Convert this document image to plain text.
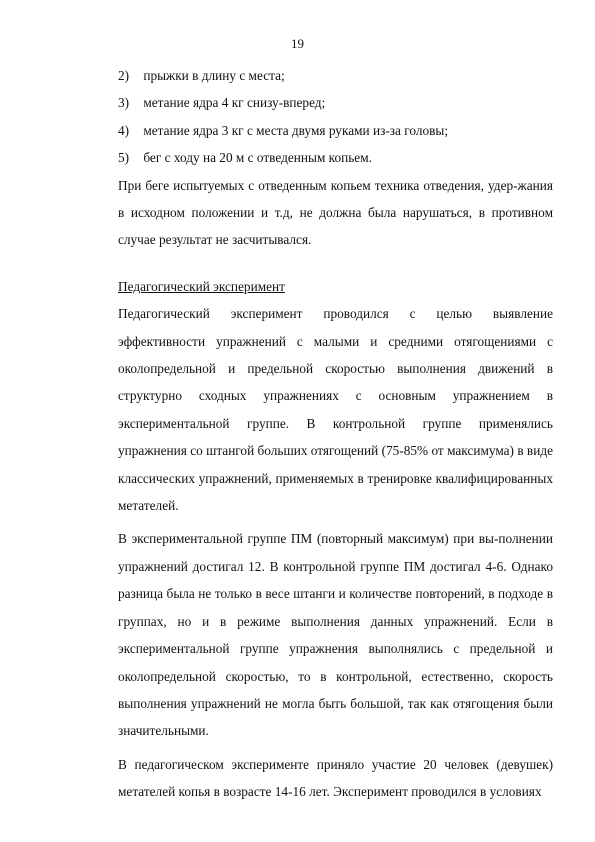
19
2) прыжки в длину с места;
3) метание ядра 4 кг снизу-вперед;
4) метание ядра 3 кг с места двумя руками из-за головы;
5) бег с ходу на 20 м с отведенным копьем.

При беге испытуемых с отведенным копьем техника отведения, удер-жания в исходном положении и т.д, не должна была нарушаться, в противном случае результат не засчитывался.

Педагогический эксперимент

Педагогический эксперимент проводился с целью выявление эффективности упражнений с малыми и средними отягощениями с околопредельной и предельной скоростью выполнения движений в структурно сходных упражнениях с основным упражнением в экспериментальной группе. В контрольной группе применялись упражнения со штангой больших отягощений (75-85% от максимума) в виде классических упражнений, применяемых в тренировке квалифицированных метателей.

В экспериментальной группе ПМ (повторный максимум) при вы-полнении упражнений достигал 12. В контрольной группе ПМ достигал 4-6. Однако разница была не только в весе штанги и количестве повторений, в подходе в группах, но и в режиме выполнения данных упражнений. Если в экспериментальной группе упражнения выполнялись с предельной и околопредельной скоростью, то в контрольной, естественно, скорость выполнения упражнений не могла быть большой, так как отягощения были значительными.

В педагогическом эксперименте приняло участие 20 человек (девушек) метателей копья в возрасте 14-16 лет. Эксперимент проводился в условиях
